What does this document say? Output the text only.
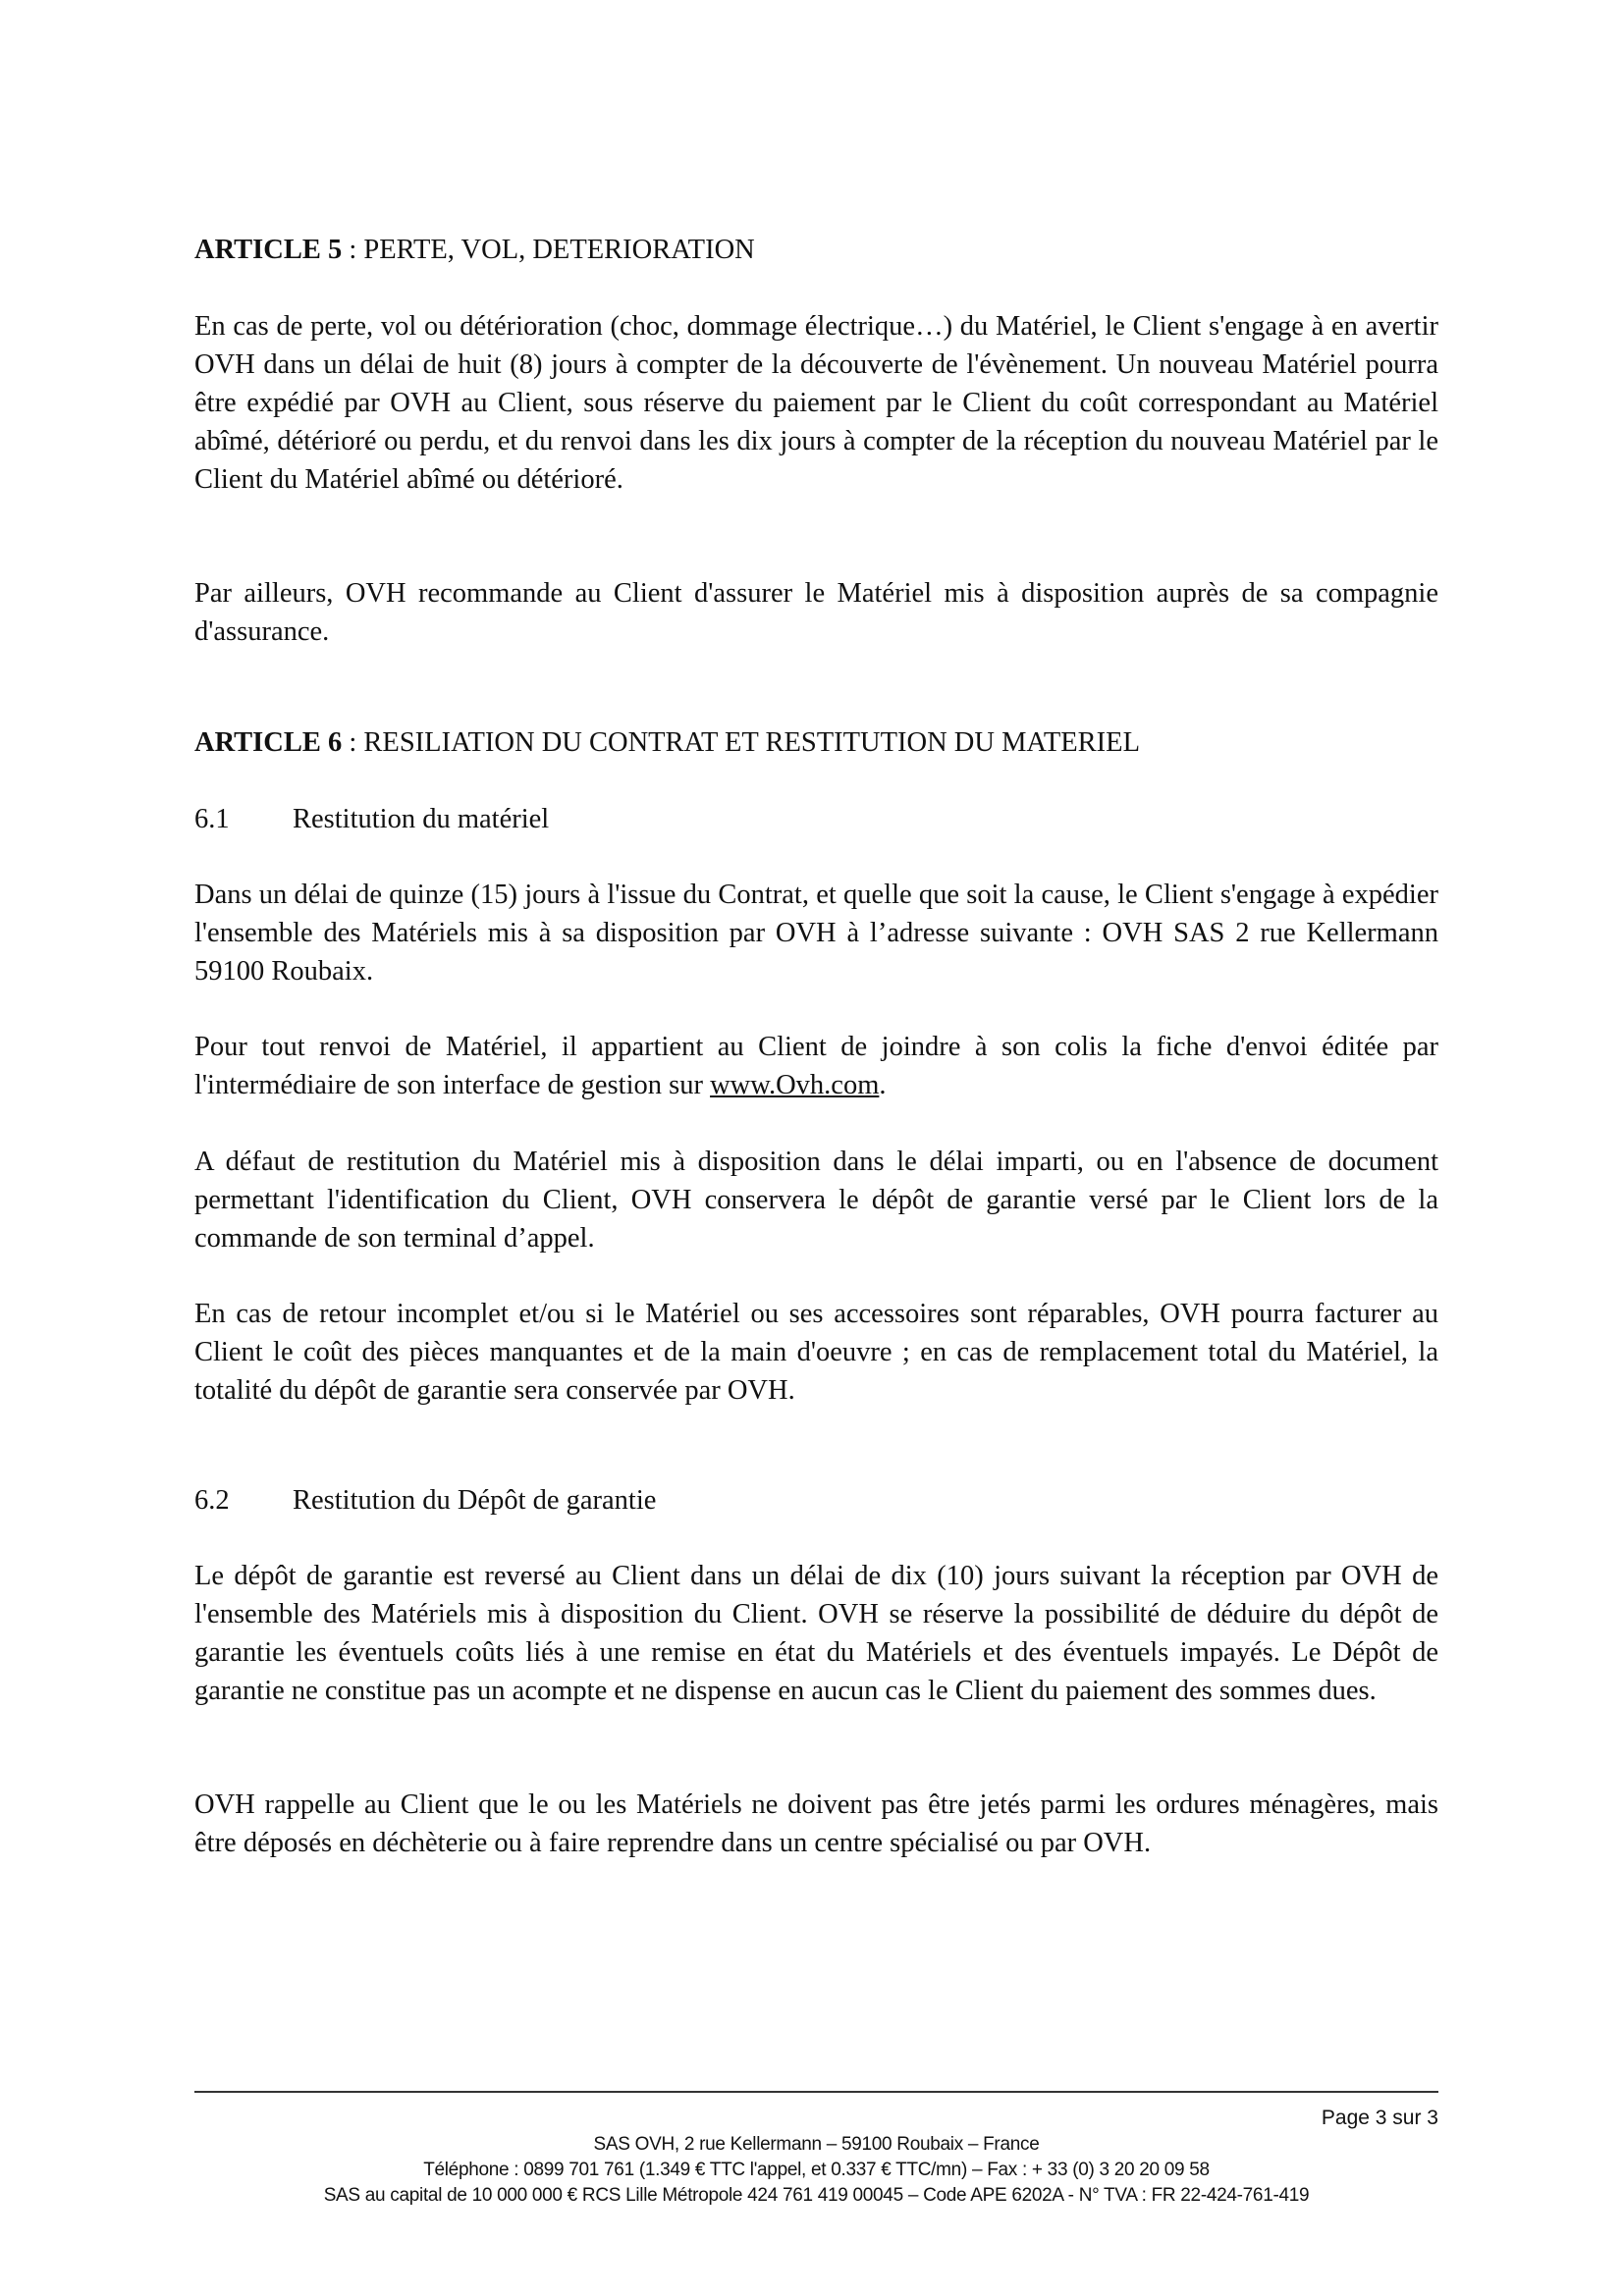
ARTICLE 5 : PERTE, VOL, DETERIORATION

En cas de perte, vol ou détérioration (choc, dommage électrique…) du Matériel, le Client s'engage à en avertir OVH dans un délai de huit (8) jours à compter de la découverte de l'évènement. Un nouveau Matériel pourra être expédié par OVH au Client, sous réserve du paiement par le Client du coût correspondant au Matériel abîmé, détérioré ou perdu, et du renvoi dans les dix jours à compter de la réception du nouveau Matériel par le Client du Matériel abîmé ou détérioré.

Par ailleurs, OVH recommande au Client d'assurer le Matériel mis à disposition auprès de sa compagnie d'assurance.

ARTICLE 6 : RESILIATION DU CONTRAT ET RESTITUTION DU MATERIEL

6.1 Restitution du matériel

Dans un délai de quinze (15) jours à l'issue du Contrat, et quelle que soit la cause, le Client s'engage à expédier l'ensemble des Matériels mis à sa disposition par OVH à l’adresse suivante : OVH SAS 2 rue Kellermann 59100 Roubaix.

Pour tout renvoi de Matériel, il appartient au Client de joindre à son colis la fiche d'envoi éditée par l'intermédiaire de son interface de gestion sur www.Ovh.com.

A défaut de restitution du Matériel mis à disposition dans le délai imparti, ou en l'absence de document permettant l'identification du Client, OVH conservera le dépôt de garantie versé par le Client lors de la commande de son terminal d’appel.

En cas de retour incomplet et/ou si le Matériel ou ses accessoires sont réparables, OVH pourra facturer au Client le coût des pièces manquantes et de la main d'oeuvre ; en cas de remplacement total du Matériel, la totalité du dépôt de garantie sera conservée par OVH.

6.2 Restitution du Dépôt de garantie

Le dépôt de garantie est reversé au Client dans un délai de dix (10) jours suivant la réception par OVH de l'ensemble des Matériels mis à disposition du Client. OVH se réserve la possibilité de déduire du dépôt de garantie les éventuels coûts liés à une remise en état du Matériels et des éventuels impayés. Le Dépôt de garantie ne constitue pas un acompte et ne dispense en aucun cas le Client du paiement des sommes dues.

OVH rappelle au Client que le ou les Matériels ne doivent pas être jetés parmi les ordures ménagères, mais être déposés en déchèterie ou à faire reprendre dans un centre spécialisé ou par OVH.

Page 3 sur 3
SAS OVH, 2 rue Kellermann – 59100 Roubaix – France
Téléphone : 0899 701 761 (1.349 € TTC l'appel, et 0.337 € TTC/mn) – Fax : + 33 (0) 3 20 20 09 58
SAS au capital de 10 000 000 € RCS Lille Métropole 424 761 419 00045 – Code APE 6202A - N° TVA : FR 22-424-761-419
